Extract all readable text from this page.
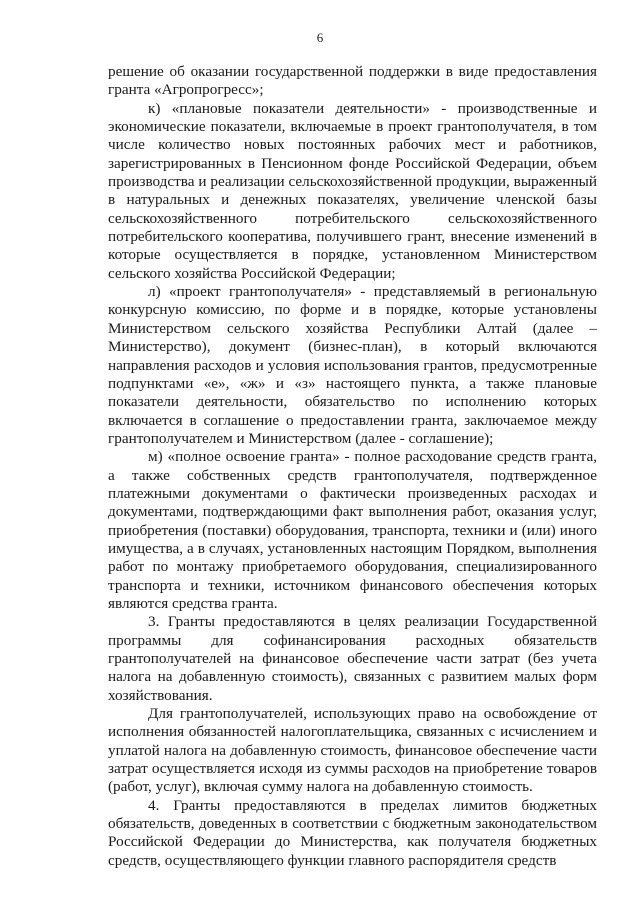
6

решение об оказании государственной поддержки в виде предоставления гранта «Агропрогресс»;

к) «плановые показатели деятельности» - производственные и экономические показатели, включаемые в проект грантополучателя, в том числе количество новых постоянных рабочих мест и работников, зарегистрированных в Пенсионном фонде Российской Федерации, объем производства и реализации сельскохозяйственной продукции, выраженный в натуральных и денежных показателях, увеличение членской базы сельскохозяйственного потребительского сельскохозяйственного потребительского кооператива, получившего грант, внесение изменений в которые осуществляется в порядке, установленном Министерством сельского хозяйства Российской Федерации;

л) «проект грантополучателя» - представляемый в региональную конкурсную комиссию, по форме и в порядке, которые установлены Министерством сельского хозяйства Республики Алтай (далее – Министерство), документ (бизнес-план), в который включаются направления расходов и условия использования грантов, предусмотренные подпунктами «е», «ж» и «з» настоящего пункта, а также плановые показатели деятельности, обязательство по исполнению которых включается в соглашение о предоставлении гранта, заключаемое между грантополучателем и Министерством (далее - соглашение);

м) «полное освоение гранта» - полное расходование средств гранта, а также собственных средств грантополучателя, подтвержденное платежными документами о фактически произведенных расходах и документами, подтверждающими факт выполнения работ, оказания услуг, приобретения (поставки) оборудования, транспорта, техники и (или) иного имущества, а в случаях, установленных настоящим Порядком, выполнения работ по монтажу приобретаемого оборудования, специализированного транспорта и техники, источником финансового обеспечения которых являются средства гранта.

3. Гранты предоставляются в целях реализации Государственной программы для софинансирования расходных обязательств грантополучателей на финансовое обеспечение части затрат (без учета налога на добавленную стоимость), связанных с развитием малых форм хозяйствования.

Для грантополучателей, использующих право на освобождение от исполнения обязанностей налогоплательщика, связанных с исчислением и уплатой налога на добавленную стоимость, финансовое обеспечение части затрат осуществляется исходя из суммы расходов на приобретение товаров (работ, услуг), включая сумму налога на добавленную стоимость.

4. Гранты предоставляются в пределах лимитов бюджетных обязательств, доведенных в соответствии с бюджетным законодательством Российской Федерации до Министерства, как получателя бюджетных средств, осуществляющего функции главного распорядителя средств
